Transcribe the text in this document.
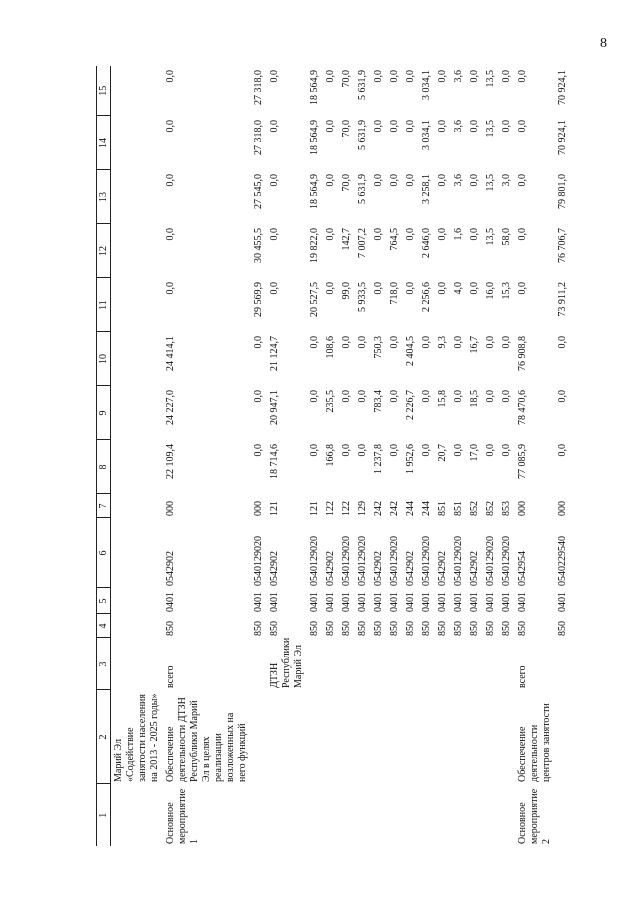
8
1	2	3	4	5	6	7	8	9	10	11	12	13	14	15
	Марий Эл «Содействие занятости населения на 2013 - 2025 годы»													
Основное мероприятие 1	Обеспечение деятельности ДТЗН Республики Марий Эл в целях реализации возложенных на него функций	всего	850	0401	0542902	000	22 109,4	24 227,0	24 414,1	0,0	0,0	0,0	0,0	0,0
			850	0401	0540129020	000	0,0	0,0	0,0	29 569,9	30 455,5	27 545,0	27 318,0	27 318,0
		ДТЗН Республики Марий Эл	850	0401	0542902	121	18 714,6	20 947,1	21 124,7	0,0	0,0	0,0	0,0	0,0
			850	0401	0540129020	121	0,0	0,0	0,0	20 527,5	19 822,0	18 564,9	18 564,9	18 564,9
			850	0401	0542902	122	166,8	235,5	108,6	0,0	0,0	0,0	0,0	0,0
			850	0401	0540129020	122	0,0	0,0	0,0	99,0	142,7	70,0	70,0	70,0
			850	0401	0540129020	129	0,0	0,0	0,0	5 933,5	7 007,2	5 631,9	5 631,9	5 631,9
			850	0401	0542902	242	1 237,8	783,4	750,3	0,0	0,0	0,0	0,0	0,0
			850	0401	0540129020	242	0,0	0,0	0,0	718,0	764,5	0,0	0,0	0,0
			850	0401	0542902	244	1 952,6	2 226,7	2 404,5	0,0	0,0	0,0	0,0	0,0
			850	0401	0540129020	244	0,0	0,0	0,0	2 256,6	2 646,0	3 258,1	3 034,1	3 034,1
			850	0401	0542902	851	20,7	15,8	9,3	0,0	0,0	0,0	0,0	0,0
			850	0401	0540129020	851	0,0	0,0	0,0	4,0	1,6	3,6	3,6	3,6
			850	0401	0542902	852	17,0	18,5	16,7	0,0	0,0	0,0	0,0	0,0
			850	0401	0540129020	852	0,0	0,0	0,0	16,0	13,5	13,5	13,5	13,5
			850	0401	0540129020	853	0,0	0,0	0,0	15,3	58,0	3,0	0,0	0,0
Основное мероприятие 2	Обеспечение деятельности центров занятости	всего	850	0401	0542954	000	77 085,9	78 470,6	76 908,8	0,0	0,0	0,0	0,0	0,0
			850	0401	0540229540	000	0,0	0,0	0,0	73 911,2	76 706,7	79 801,0	70 924,1	70 924,1
